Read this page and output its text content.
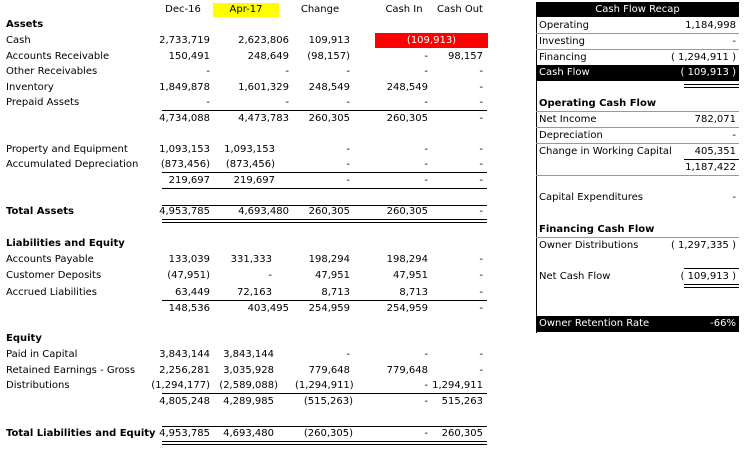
Dec-16	Apr-17	Change	Cash In	Cash Out
Assets
Cash	2,733,719	2,623,806	109,913	(109,913)
Accounts Receivable	150,491	248,649	(98,157)	-	98,157
Other Receivables	-	-	-	-	-
Inventory	1,849,878	1,601,329	248,549	248,549	-
Prepaid Assets	-	-	-	-	-
4,734,088	4,473,783	260,305	260,305	-
Property and Equipment	1,093,153	1,093,153	-	-	-
Accumulated Depreciation	(873,456)	(873,456)	-	-	-
219,697	219,697	-	-	-
Total Assets	4,953,785	4,693,480	260,305	260,305	-
Liabilities and Equity
Accounts Payable	133,039	331,333	198,294	198,294	-
Customer Deposits	(47,951)	-	47,951	47,951	-
Accrued Liabilities	63,449	72,163	8,713	8,713	-
148,536	403,495	254,959	254,959	-
Equity
Paid in Capital	3,843,144	3,843,144	-	-	-
Retained Earnings - Gross	2,256,281	3,035,928	779,648	779,648	-
Distributions	(1,294,177) (2,589,088) (1,294,911)	- 1,294,911
4,805,248	4,289,985	(515,263)	-	515,263
Total Liabilities and Equity 4,953,785	4,693,480	(260,305)	-	260,305
Cash Flow Recap
Operating	1,184,998
Investing	-
Financing	( 1,294,911 )
Cash Flow	( 109,913 )
Operating Cash Flow
Net Income	782,071
Depreciation	-
Change in Working Capital 405,351
1,187,422
Capital Expenditures	-
Financing Cash Flow
Owner Distributions	( 1,297,335 )
Net Cash Flow	( 109,913 )
Owner Retention Rate	-66%
